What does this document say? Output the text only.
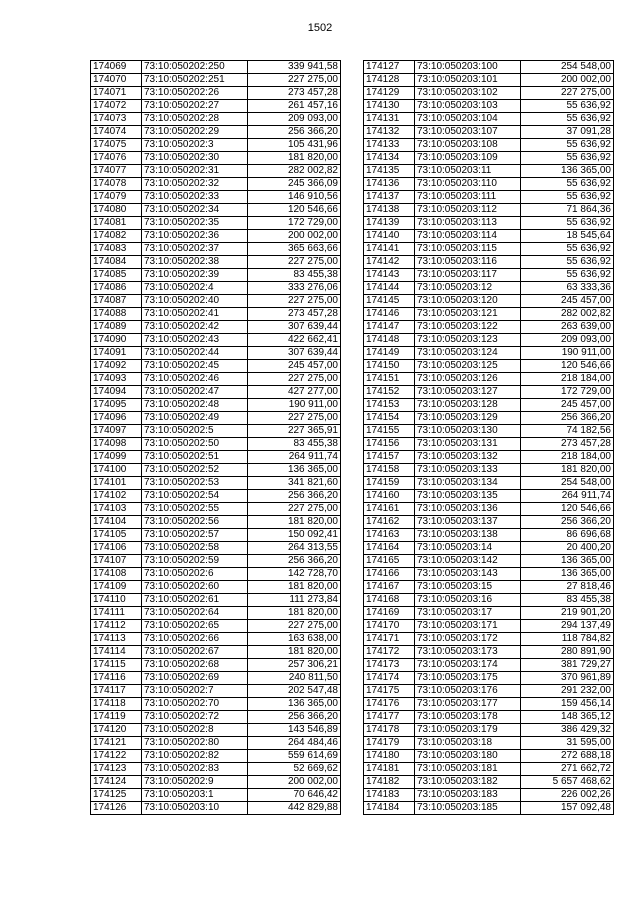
1502
174069	73:10:050202:250	339 941,58
174070	73:10:050202:251	227 275,00
174071	73:10:050202:26	273 457,28
174072	73:10:050202:27	261 457,16
174073	73:10:050202:28	209 093,00
174074	73:10:050202:29	256 366,20
174075	73:10:050202:3	105 431,96
174076	73:10:050202:30	181 820,00
174077	73:10:050202:31	282 002,82
174078	73:10:050202:32	245 366,09
174079	73:10:050202:33	146 910,56
174080	73:10:050202:34	120 546,66
174081	73:10:050202:35	172 729,00
174082	73:10:050202:36	200 002,00
174083	73:10:050202:37	365 663,66
174084	73:10:050202:38	227 275,00
174085	73:10:050202:39	83 455,38
174086	73:10:050202:4	333 276,06
174087	73:10:050202:40	227 275,00
174088	73:10:050202:41	273 457,28
174089	73:10:050202:42	307 639,44
174090	73:10:050202:43	422 662,41
174091	73:10:050202:44	307 639,44
174092	73:10:050202:45	245 457,00
174093	73:10:050202:46	227 275,00
174094	73:10:050202:47	427 277,00
174095	73:10:050202:48	190 911,00
174096	73:10:050202:49	227 275,00
174097	73:10:050202:5	227 365,91
174098	73:10:050202:50	83 455,38
174099	73:10:050202:51	264 911,74
174100	73:10:050202:52	136 365,00
174101	73:10:050202:53	341 821,60
174102	73:10:050202:54	256 366,20
174103	73:10:050202:55	227 275,00
174104	73:10:050202:56	181 820,00
174105	73:10:050202:57	150 092,41
174106	73:10:050202:58	264 313,55
174107	73:10:050202:59	256 366,20
174108	73:10:050202:6	142 728,70
174109	73:10:050202:60	181 820,00
174110	73:10:050202:61	111 273,84
174111	73:10:050202:64	181 820,00
174112	73:10:050202:65	227 275,00
174113	73:10:050202:66	163 638,00
174114	73:10:050202:67	181 820,00
174115	73:10:050202:68	257 306,21
174116	73:10:050202:69	240 811,50
174117	73:10:050202:7	202 547,48
174118	73:10:050202:70	136 365,00
174119	73:10:050202:72	256 366,20
174120	73:10:050202:8	143 546,89
174121	73:10:050202:80	264 484,46
174122	73:10:050202:82	559 614,69
174123	73:10:050202:83	52 669,62
174124	73:10:050202:9	200 002,00
174125	73:10:050203:1	70 646,42
174126	73:10:050203:10	442 829,88
174127	73:10:050203:100	254 548,00
174128	73:10:050203:101	200 002,00
174129	73:10:050203:102	227 275,00
174130	73:10:050203:103	55 636,92
174131	73:10:050203:104	55 636,92
174132	73:10:050203:107	37 091,28
174133	73:10:050203:108	55 636,92
174134	73:10:050203:109	55 636,92
174135	73:10:050203:11	136 365,00
174136	73:10:050203:110	55 636,92
174137	73:10:050203:111	55 636,92
174138	73:10:050203:112	71 864,36
174139	73:10:050203:113	55 636,92
174140	73:10:050203:114	18 545,64
174141	73:10:050203:115	55 636,92
174142	73:10:050203:116	55 636,92
174143	73:10:050203:117	55 636,92
174144	73:10:050203:12	63 333,36
174145	73:10:050203:120	245 457,00
174146	73:10:050203:121	282 002,82
174147	73:10:050203:122	263 639,00
174148	73:10:050203:123	209 093,00
174149	73:10:050203:124	190 911,00
174150	73:10:050203:125	120 546,66
174151	73:10:050203:126	218 184,00
174152	73:10:050203:127	172 729,00
174153	73:10:050203:128	245 457,00
174154	73:10:050203:129	256 366,20
174155	73:10:050203:130	74 182,56
174156	73:10:050203:131	273 457,28
174157	73:10:050203:132	218 184,00
174158	73:10:050203:133	181 820,00
174159	73:10:050203:134	254 548,00
174160	73:10:050203:135	264 911,74
174161	73:10:050203:136	120 546,66
174162	73:10:050203:137	256 366,20
174163	73:10:050203:138	86 696,68
174164	73:10:050203:14	20 400,20
174165	73:10:050203:142	136 365,00
174166	73:10:050203:143	136 365,00
174167	73:10:050203:15	27 818,46
174168	73:10:050203:16	83 455,38
174169	73:10:050203:17	219 901,20
174170	73:10:050203:171	294 137,49
174171	73:10:050203:172	118 784,82
174172	73:10:050203:173	280 891,90
174173	73:10:050203:174	381 729,27
174174	73:10:050203:175	370 961,89
174175	73:10:050203:176	291 232,00
174176	73:10:050203:177	159 456,14
174177	73:10:050203:178	148 365,12
174178	73:10:050203:179	386 429,32
174179	73:10:050203:18	31 595,00
174180	73:10:050203:180	272 688,18
174181	73:10:050203:181	271 662,72
174182	73:10:050203:182	5 657 468,62
174183	73:10:050203:183	226 002,26
174184	73:10:050203:185	157 092,48
